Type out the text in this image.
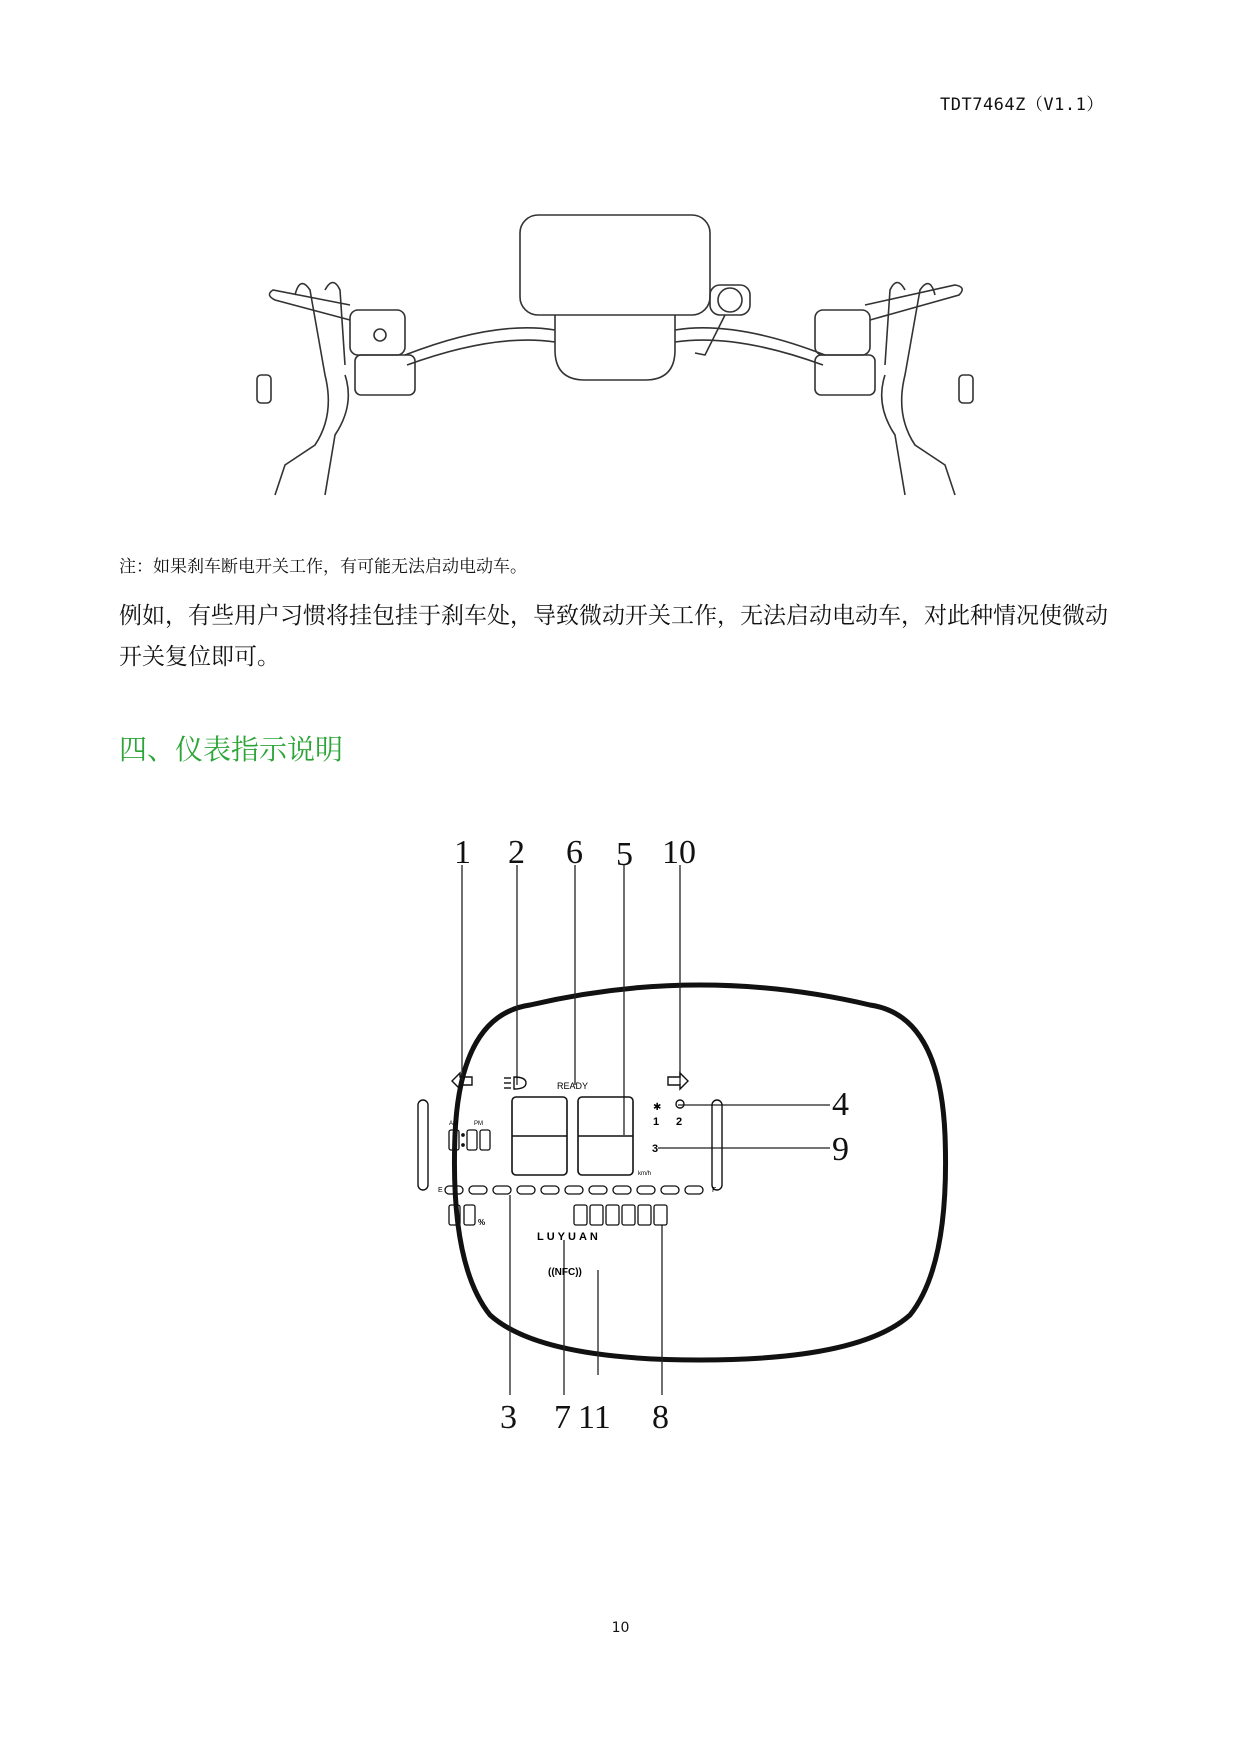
TDT7464Z（V1.1）
注：如果刹车断电开关工作，有可能无法启动电动车。
例如，有些用户习惯将挂包挂于刹车处，导致微动开关工作，无法启动电动车，对此种情况使微动开关复位即可。
四、仪表指示说明
1 2 6 5 10
4
9
3 7 11 8
READY
AM	PM
km/h
✱
1 2
3
E	F
%
LUYUAN
((NFC))
10
